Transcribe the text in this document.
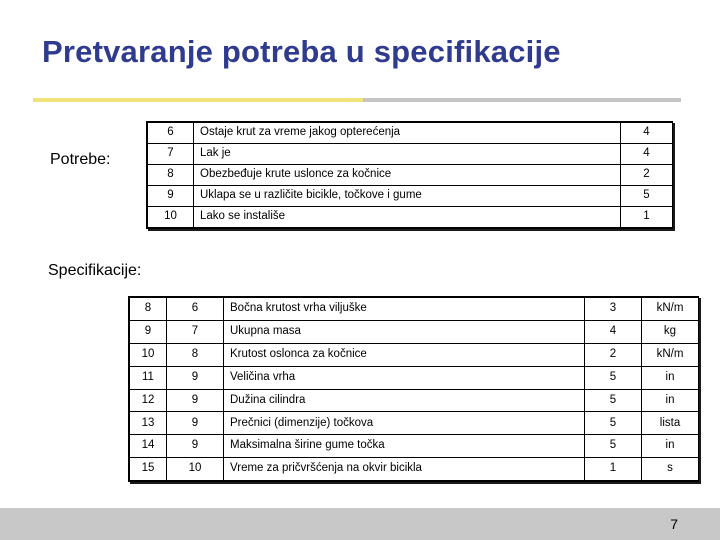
Pretvaranje potreba u specifikacije
Potrebe:
6	Ostaje krut za vreme jakog opterećenja	4
7	Lak je	4
8	Obezbeđuje krute uslonce za kočnice	2
9	Uklapa se u različite bicikle, točkove i gume	5
10	Lako se instališe	1
Specifikacije:
8	6	Bočna krutost vrha viljuške	3	kN/m
9	7	Ukupna masa	4	kg
10	8	Krutost oslonca za kočnice	2	kN/m
11	9	Veličina vrha	5	in
12	9	Dužina cilindra	5	in
13	9	Prečnici (dimenzije) točkova	5	lista
14	9	Maksimalna širine gume točka	5	in
15	10	Vreme za pričvršćenja na okvir bicikla	1	s
7
